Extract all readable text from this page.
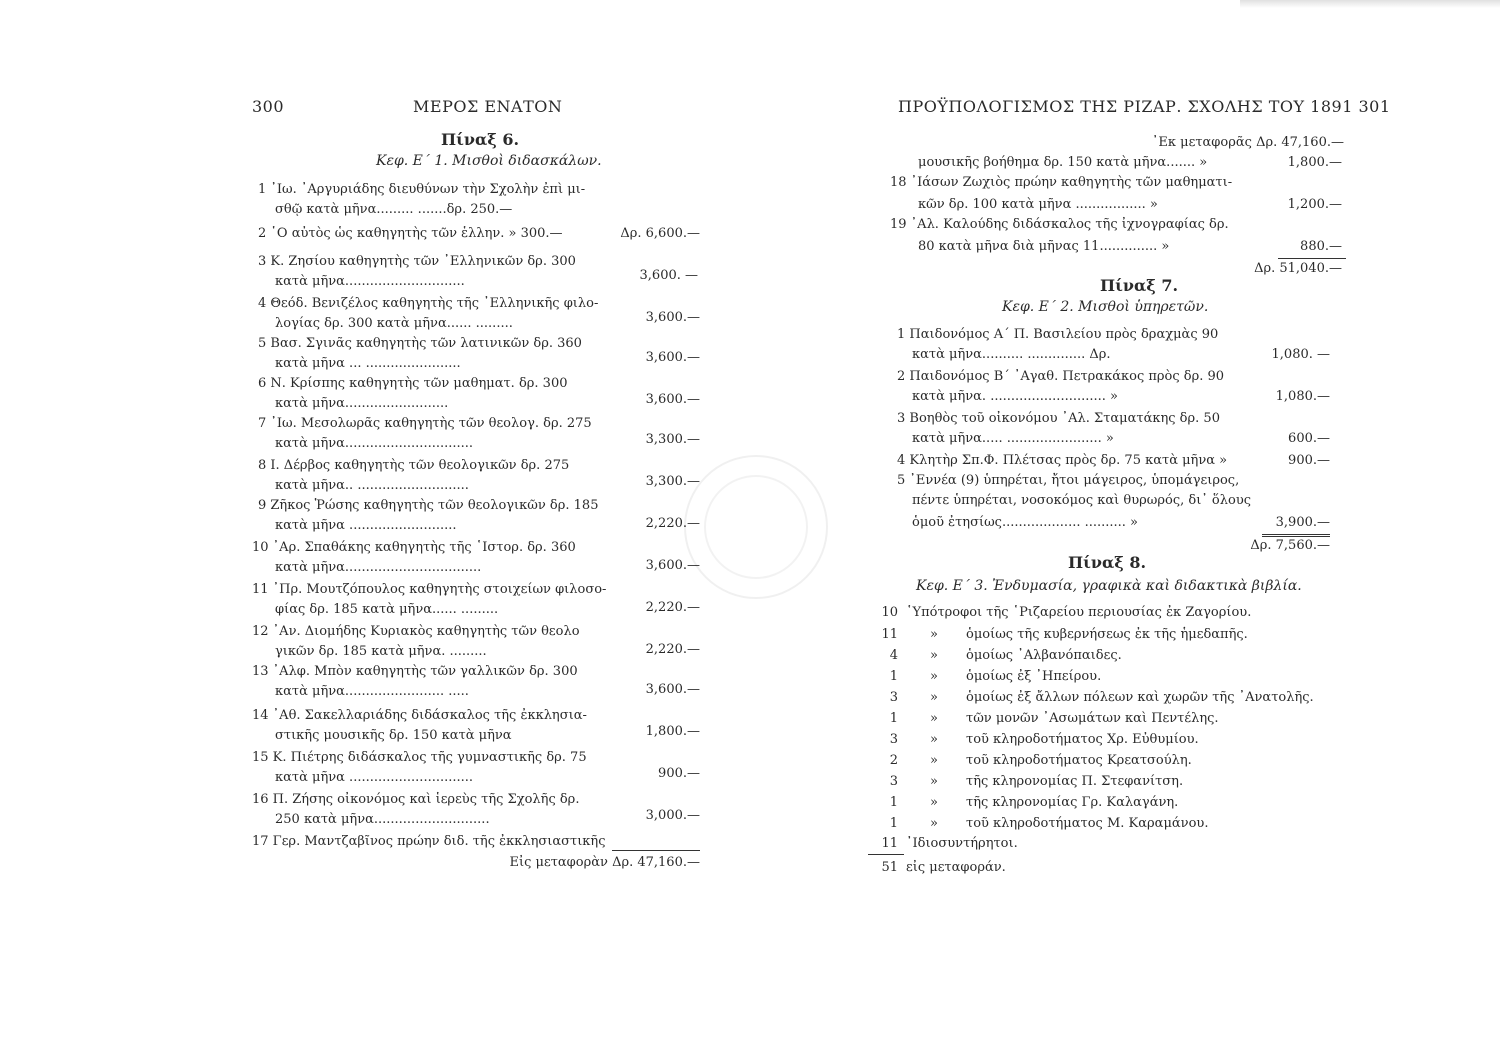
300	ΜΕΡΟΣ ΕΝΑΤΟΝ
Πίναξ 6.
Κεφ. Ε΄ 1. Μισθοὶ διδασκάλων.
1 ᾽Ιω. ᾽Αργυριάδης διευθύνων τὴν Σχολὴν ἐπὶ μι-
σθῷ κατὰ μῆνα......... .......δρ. 250.—
2 ῾Ο αὐτὸς ὡς καθηγητὴς τῶν ἑλλην. » 300.—
3 Κ. Ζησίου καθηγητὴς τῶν ᾽Ελληνικῶν δρ. 300
κατὰ μῆνα.............................
4 Θεόδ. Βενιζέλος καθηγητὴς τῆς ᾽Ελληνικῆς φιλο-
λογίας δρ. 300 κατὰ μῆνα...... .........
5 Βασ. Σγινᾶς καθηγητὴς τῶν λατινικῶν δρ. 360
κατὰ μῆνα ... .......................
6 Ν. Κρίσπης καθηγητὴς τῶν μαθηματ. δρ. 300
κατὰ μῆνα.........................
7 ᾽Ιω. Μεσολωρᾶς καθηγητὴς τῶν θεολογ. δρ. 275
κατὰ μῆνα...............................
8 Ι. Δέρβος καθηγητὴς τῶν θεολογικῶν δρ. 275
κατὰ μῆνα.. ...........................
9 Ζῆκος Ῥώσης καθηγητὴς τῶν θεολογικῶν δρ. 185
κατὰ μῆνα ..........................
10 ᾽Αρ. Σπαθάκης καθηγητὴς τῆς ῾Ιστορ. δρ. 360
κατὰ μῆνα.................................
11 ᾽Πρ. Μουτζόπουλος καθηγητὴς στοιχείων φιλοσο-
φίας δρ. 185 κατὰ μῆνα...... .........
12 ᾽Αν. Διομήδης Κυριακὸς καθηγητὴς τῶν θεολο
γικῶν δρ. 185 κατὰ μῆνα. .........
13 ᾽Αλφ. Μπὸν καθηγητὴς τῶν γαλλικῶν δρ. 300
κατὰ μῆνα........................ .....
14 ᾽Αθ. Σακελλαριάδης διδάσκαλος τῆς ἐκκλησια-
στικῆς μουσικῆς δρ. 150 κατὰ μῆνα
15 Κ. Πιέτρης διδάσκαλος τῆς γυμναστικῆς δρ. 75
κατὰ μῆνα ..............................
16 Π. Ζήσης οἰκονόμος καὶ ἱερεὺς τῆς Σχολῆς δρ.
250 κατὰ μῆνα............................
17 Γερ. Μαντζαβῖνος πρώην διδ. τῆς ἐκκλησιαστικῆς
Δρ. 6,600.—
3,600. —
3,600.—
3,600.—
3,600.—
3,300.—
3,300.—
2,220.—
3,600.—
2,220.—
2,220.—
3,600.—
1,800.—
900.—
3,000.—
Εἰς μεταφορὰν Δρ. 47,160.—
ΠΡΟΫΠΟΛΟΓΙΣΜΟΣ ΤΗΣ ΡΙΖΑΡ. ΣΧΟΛΗΣ ΤΟΥ 1891 301
᾽Εκ μεταφορᾶς Δρ. 47,160.—
μουσικῆς βοήθημα δρ. 150 κατὰ μῆνα....... »
18 ᾽Ιάσων Ζωχιὸς πρώην καθηγητὴς τῶν μαθηματι-
κῶν δρ. 100 κατὰ μῆνα ................. »
19 ᾽Αλ. Καλούδης διδάσκαλος τῆς ἰχνογραφίας δρ.
80 κατὰ μῆνα διὰ μῆνας 11.............. »
1,800.—
1,200.—
880.—
Δρ. 51,040.—
Πίναξ 7.
Κεφ. Ε΄ 2. Μισθοὶ ὑπηρετῶν.
1 Παιδονόμος Α΄ Π. Βασιλείου πρὸς δραχμὰς 90
κατὰ μῆνα.......... .............. Δρ.
2 Παιδονόμος Β΄ ᾽Αγαθ. Πετρακάκος πρὸς δρ. 90
κατὰ μῆνα. ............................ »
3 Βοηθὸς τοῦ οἰκονόμου ᾽Αλ. Σταματάκης δρ. 50
κατὰ μῆνα..... ....................... »
4 Κλητὴρ Σπ.Φ. Πλέτσας πρὸς δρ. 75 κατὰ μῆνα »
5 ᾽Εννέα (9) ὑπηρέται, ἤτοι μάγειρος, ὑπομάγειρος,
πέντε ὑπηρέται, νοσοκόμος καὶ θυρωρός, δι᾽ ὅλους
ὁμοῦ ἐτησίως................... .......... »
1,080. —
1,080.—
600.—
900.—
3,900.—
Δρ. 7,560.—
Πίναξ 8.
Κεφ. Ε΄ 3. Ἐνδυμασία, γραφικὰ καὶ διδακτικὰ βιβλία.
10 ῾Υπότροφοι τῆς ῾Ριζαρείου περιουσίας ἐκ Ζαγορίου.
11 » ὁμοίως τῆς κυβερνήσεως ἐκ τῆς ἡμεδαπῆς.
4 » ὁμοίως ᾽Αλβανόπαιδες.
1 » ὁμοίως ἐξ ᾽Ηπείρου.
3 » ὁμοίως ἐξ ἄλλων πόλεων καὶ χωρῶν τῆς ᾽Ανατολῆς.
1 » τῶν μονῶν ᾽Ασωμάτων καὶ Πεντέλης.
3 » τοῦ κληροδοτήματος Χρ. Εὐθυμίου.
2 » τοῦ κληροδοτήματος Κρεατσούλη.
3 » τῆς κληρονομίας Π. Στεφανίτση.
1 » τῆς κληρονομίας Γρ. Καλαγάνη.
1 » τοῦ κληροδοτήματος Μ. Καραμάνου.
11 ᾽Ιδιοσυντήρητοι.
51 εἰς μεταφοράν.
